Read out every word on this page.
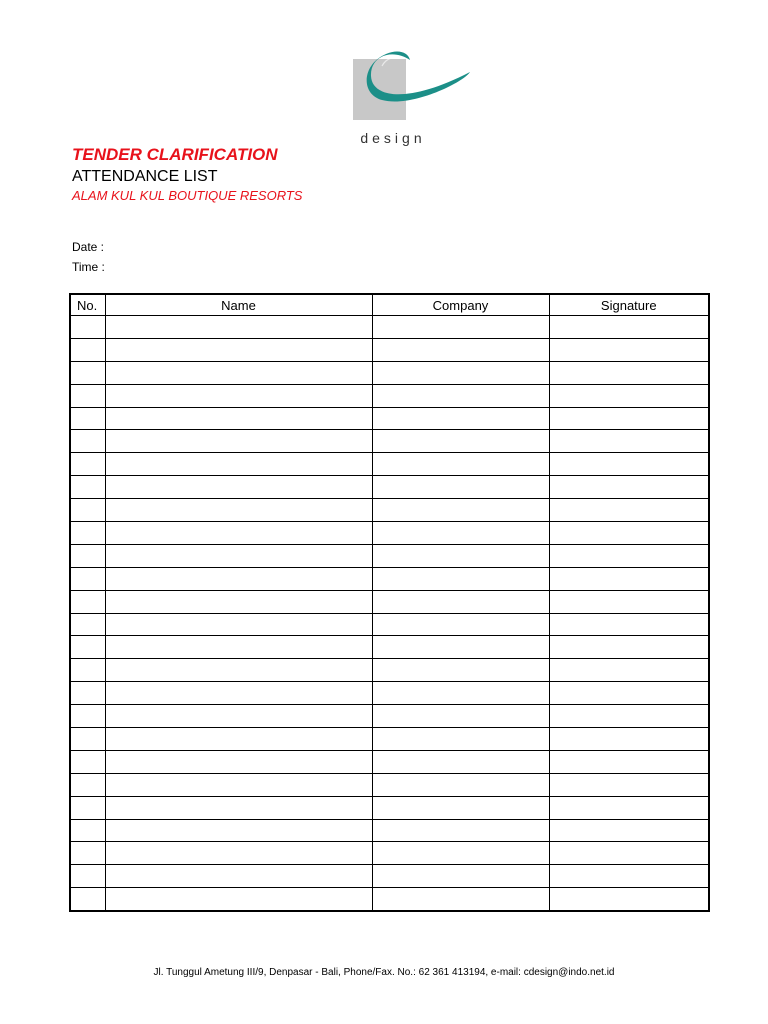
design
TENDER CLARIFICATION
ATTENDANCE LIST
ALAM KUL KUL BOUTIQUE RESORTS
Date :
Time :
No.	Name	Company	Signature

Jl. Tunggul Ametung III/9, Denpasar - Bali, Phone/Fax. No.: 62 361 413194, e-mail: cdesign@indo.net.id
